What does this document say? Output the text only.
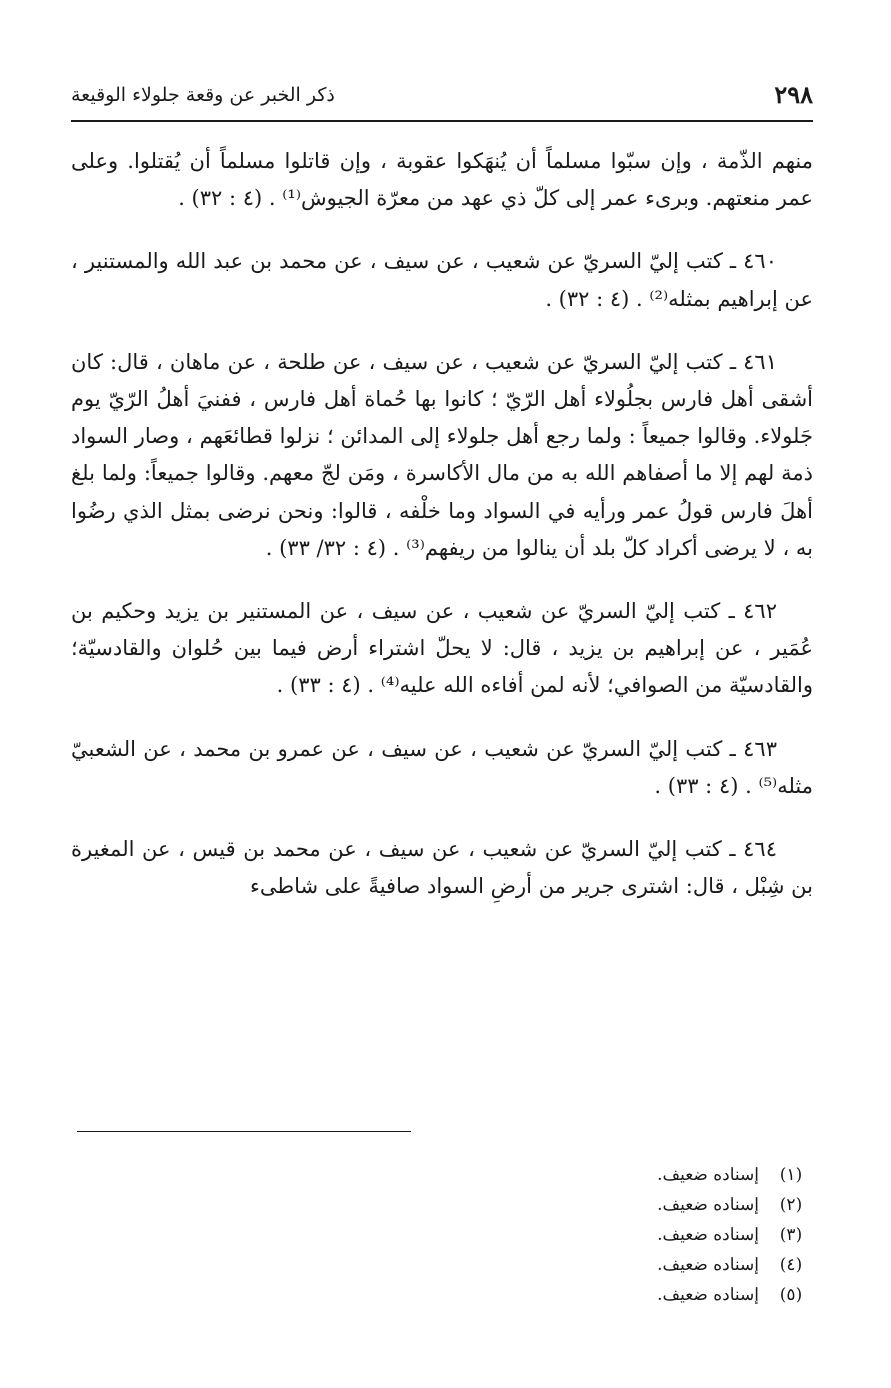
٢٩٨
ذكر الخبر عن وقعة جلولاء الوقيعة

منهم الذّمة ، وإن سبّوا مسلماً أن يُنهَكوا عقوبة ، وإن قاتلوا مسلماً أن يُقتلوا. وعلى عمر منعتهم. وبرىء عمر إلى كلّ ذي عهد من معرّة الجيوش⁽¹⁾ . (٤ : ٣٢) .

٤٦٠ ـ كتب إليّ السريّ عن شعيب ، عن سيف ، عن محمد بن عبد الله والمستنير ، عن إبراهيم بمثله⁽²⁾ . (٤ : ٣٢) .

٤٦١ ـ كتب إليّ السريّ عن شعيب ، عن سيف ، عن طلحة ، عن ماهان ، قال: كان أشقى أهل فارس بجلُولاء أهل الرّيّ ؛ كانوا بها حُماة أهل فارس ، ففنيَ أهلُ الرّيّ يوم جَلولاء. وقالوا جميعاً : ولما رجع أهل جلولاء إلى المدائن ؛ نزلوا قطائعَهم ، وصار السواد ذمة لهم إلا ما أصفاهم الله به من مال الأكاسرة ، ومَن لجّ معهم. وقالوا جميعاً: ولما بلغ أهلَ فارس قولُ عمر ورأيه في السواد وما خلْفه ، قالوا: ونحن نرضى بمثل الذي رضُوا به ، لا يرضى أكراد كلّ بلد أن ينالوا من ريفهم⁽³⁾ . (٤ : ٣٢/ ٣٣) .

٤٦٢ ـ كتب إليّ السريّ عن شعيب ، عن سيف ، عن المستنير بن يزيد وحكيم بن عُمَير ، عن إبراهيم بن يزيد ، قال: لا يحلّ اشتراء أرض فيما بين حُلوان والقادسيّة؛ والقادسيّة من الصوافي؛ لأنه لمن أفاءه الله عليه⁽⁴⁾ . (٤ : ٣٣) .

٤٦٣ ـ كتب إليّ السريّ عن شعيب ، عن سيف ، عن عمرو بن محمد ، عن الشعبيّ مثله⁽⁵⁾ . (٤ : ٣٣) .

٤٦٤ ـ كتب إليّ السريّ عن شعيب ، عن سيف ، عن محمد بن قيس ، عن المغيرة بن شِبْل ، قال: اشترى جرير من أرضِ السواد صافيةً على شاطىء

(١)
إسناده ضعيف.
(٢)
إسناده ضعيف.
(٣)
إسناده ضعيف.
(٤)
إسناده ضعيف.
(٥)
إسناده ضعيف.
